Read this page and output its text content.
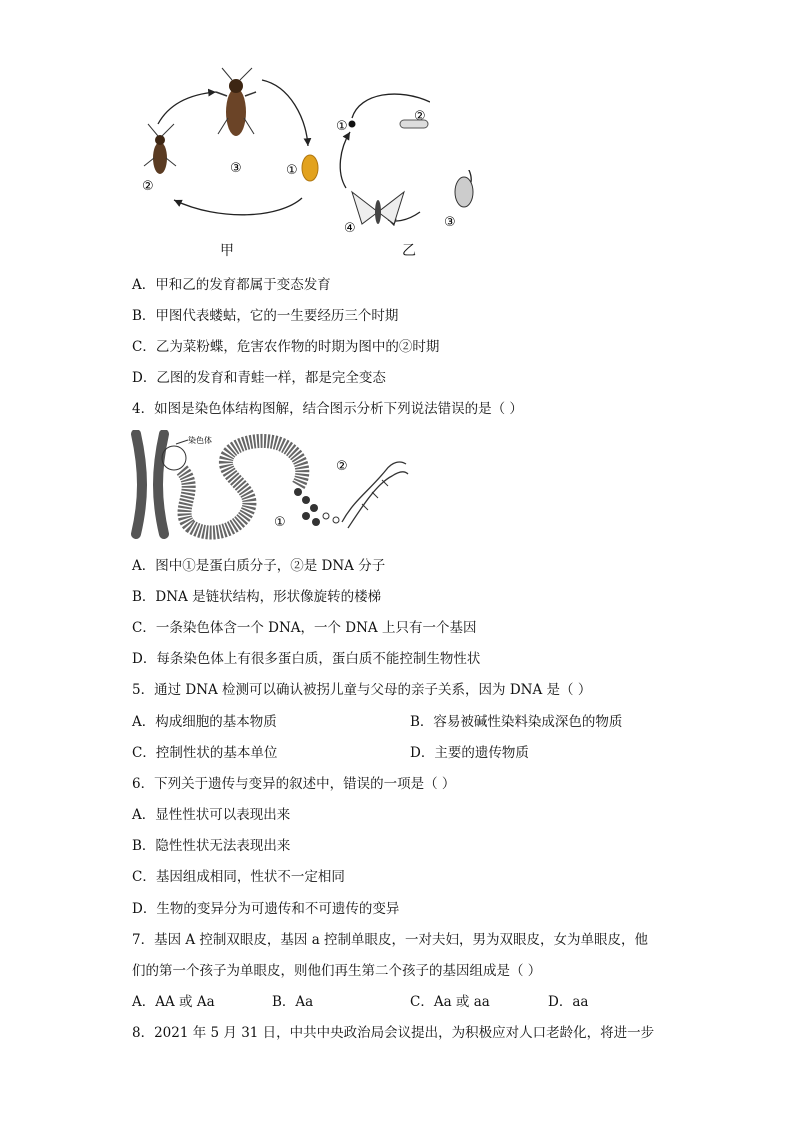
②
③	①
①
②
④	③
甲	乙
A．甲和乙的发育都属于变态发育
B．甲图代表蝼蛄，它的一生要经历三个时期
C．乙为菜粉蝶，危害农作物的时期为图中的②时期
D．乙图的发育和青蛙一样，都是完全变态
4．如图是染色体结构图解，结合图示分析下列说法错误的是（ ）
染色体
①
②
A．图中①是蛋白质分子，②是 DNA 分子
B．DNA 是链状结构，形状像旋转的楼梯
C．一条染色体含一个 DNA，一个 DNA 上只有一个基因
D．每条染色体上有很多蛋白质，蛋白质不能控制生物性状
5．通过 DNA 检测可以确认被拐儿童与父母的亲子关系，因为 DNA 是（ ）
A．构成细胞的基本物质	B．容易被碱性染料染成深色的物质
C．控制性状的基本单位	D．主要的遗传物质
6．下列关于遗传与变异的叙述中，错误的一项是（ ）
A．显性性状可以表现出来
B．隐性性状无法表现出来
C．基因组成相同，性状不一定相同
D．生物的变异分为可遗传和不可遗传的变异
7．基因 A 控制双眼皮，基因 a 控制单眼皮，一对夫妇，男为双眼皮，女为单眼皮，他
们的第一个孩子为单眼皮，则他们再生第二个孩子的基因组成是（ ）
A．AA 或 Aa	B．Aa	C．Aa 或 aa	D．aa
8．2021 年 5 月 31 日，中共中央政治局会议提出，为积极应对人口老龄化，将进一步
